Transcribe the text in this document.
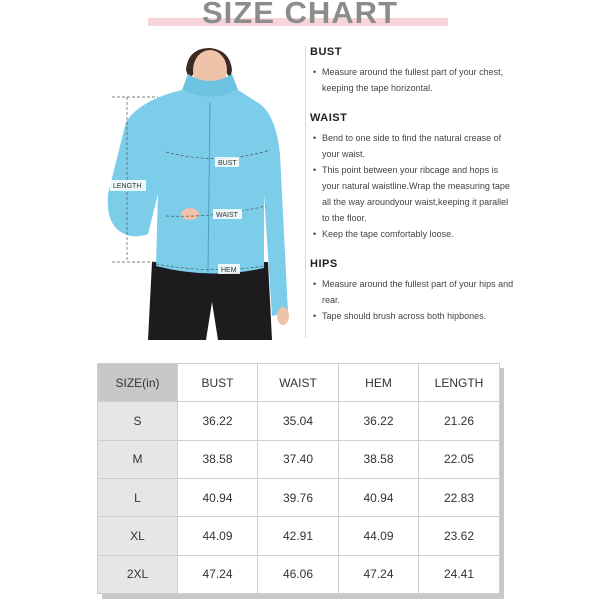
SIZE CHART
LENGTH
BUST
WAIST
HEM
BUST
• Measure around the fullest part of your chest, keeping the tape horizontal.
WAIST
• Bend to one side to find the natural crease of your waist.
• This point between your ribcage and hops is your natural waistline.Wrap the measuring tape all the way aroundyour waist,keeping it parallel to the floor.
• Keep the tape comfortably loose.
HIPS
• Measure around the fullest part of your hips and rear.
• Tape should brush across both hipbones.
SIZE(in)	BUST	WAIST	HEM	LENGTH
S	36.22	35.04	36.22	21.26
M	38.58	37.40	38.58	22.05
L	40.94	39.76	40.94	22.83
XL	44.09	42.91	44.09	23.62
2XL	47.24	46.06	47.24	24.41
